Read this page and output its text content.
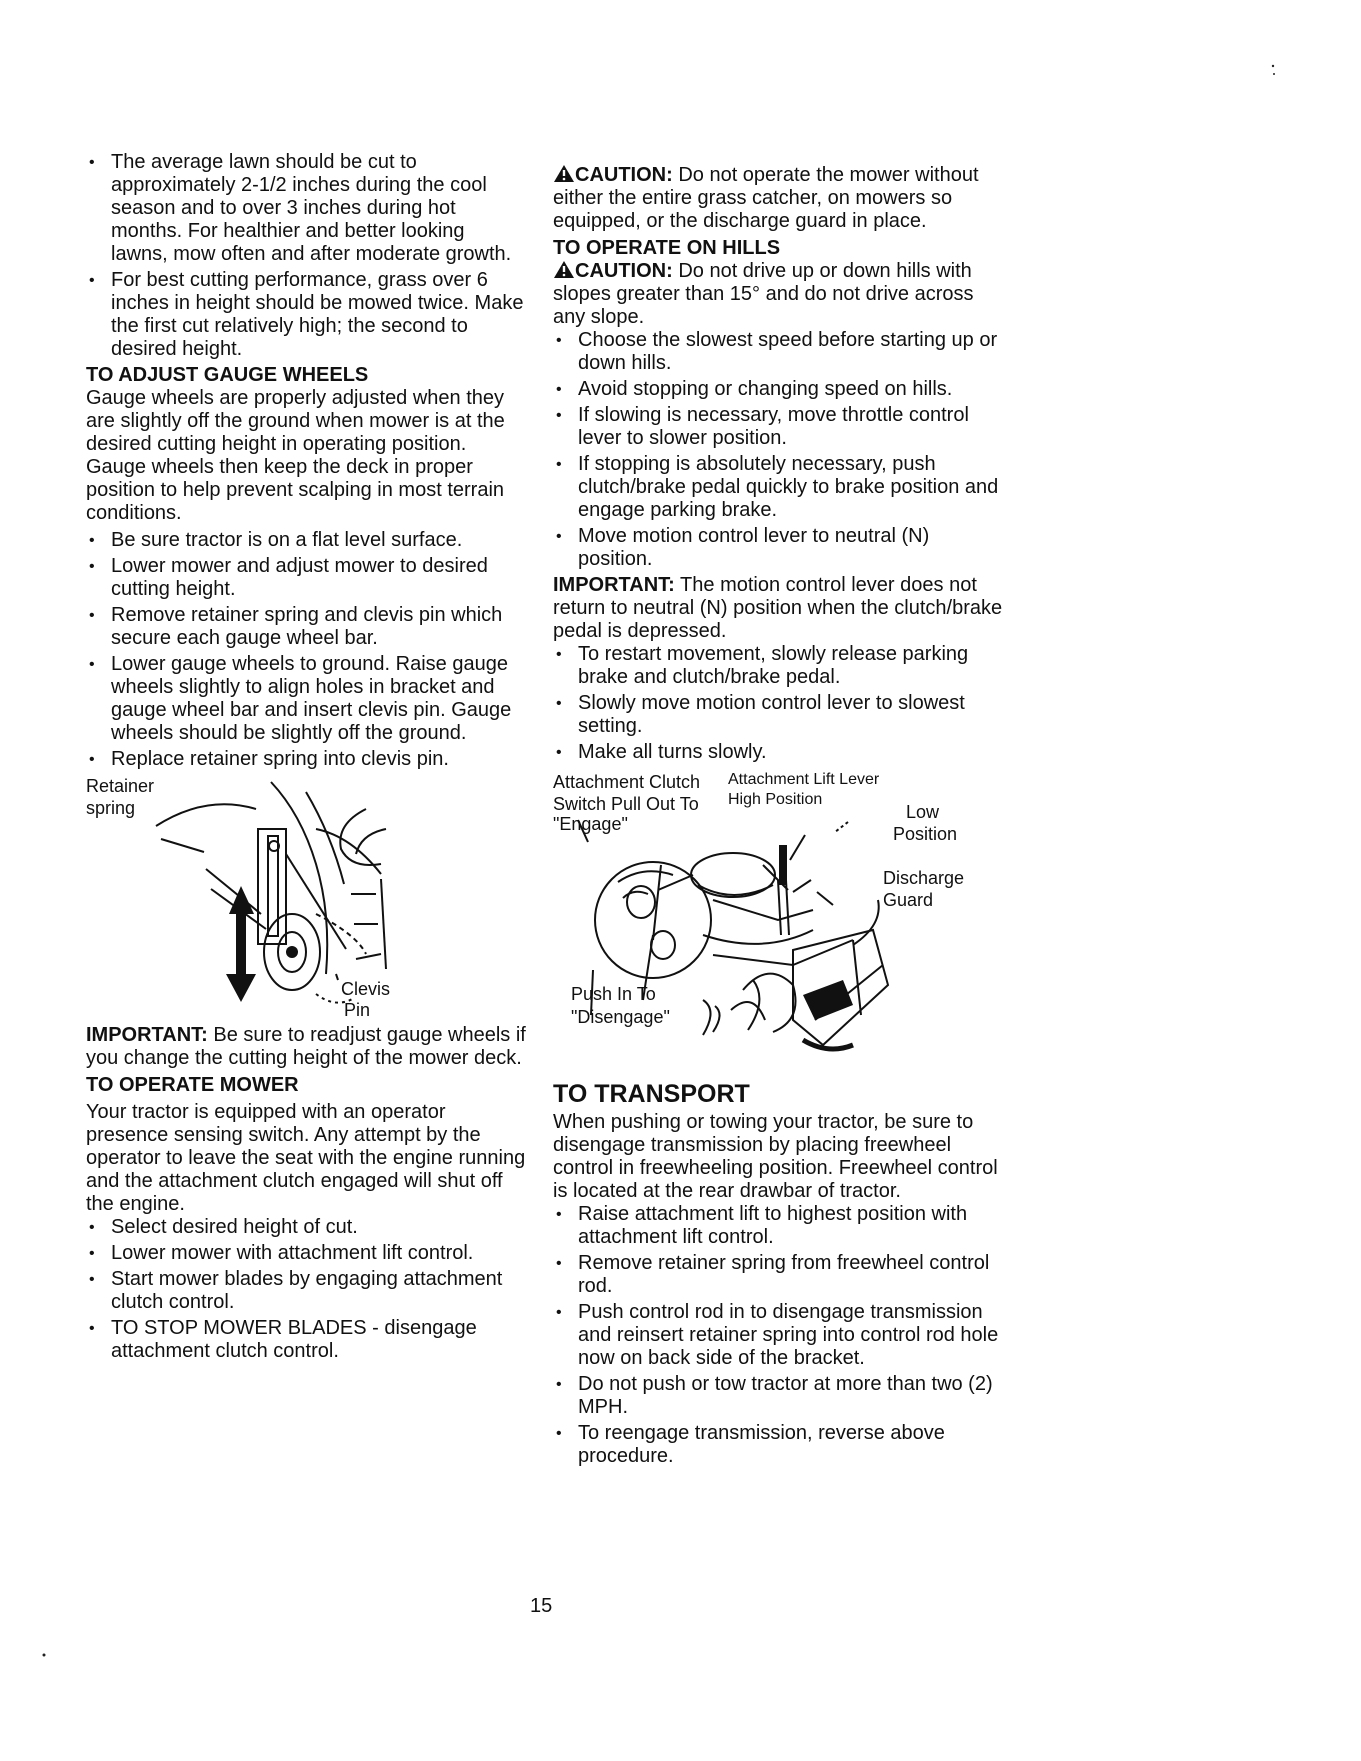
• The average lawn should be cut to approximately 2-1/2 inches during the cool season and to over 3 inches during hot months. For healthier and better looking lawns, mow often and after moderate growth.
• For best cutting performance, grass over 6 inches in height should be mowed twice. Make the first cut relatively high; the second to desired height.
TO ADJUST GAUGE WHEELS

Gauge wheels are properly adjusted when they are slightly off the ground when mower is at the desired cutting height in operating position. Gauge wheels then keep the deck in proper position to help prevent scalping in most terrain conditions.

• Be sure tractor is on a flat level surface.
• Lower mower and adjust mower to desired cutting height.
• Remove retainer spring and clevis pin which secure each gauge wheel bar.
• Lower gauge wheels to ground. Raise gauge wheels slightly to align holes in bracket and gauge wheel bar and insert clevis pin. Gauge wheels should be slightly off the ground.
• Replace retainer spring into clevis pin.
Retainer
spring
Clevis
Pin

IMPORTANT: Be sure to readjust gauge wheels if you change the cutting height of the mower deck.

TO OPERATE MOWER

Your tractor is equipped with an operator presence sensing switch. Any attempt by the operator to leave the seat with the engine running and the attachment clutch engaged will shut off the engine.

• Select desired height of cut.
• Lower mower with attachment lift control.
• Start mower blades by engaging attachment clutch control.
• TO STOP MOWER BLADES - disengage attachment clutch control.

CAUTION: Do not operate the mower without either the entire grass catcher, on mowers so equipped, or the discharge guard in place.

TO OPERATE ON HILLS

CAUTION: Do not drive up or down hills with slopes greater than 15° and do not drive across any slope.

• Choose the slowest speed before starting up or down hills.
• Avoid stopping or changing speed on hills.
• If slowing is necessary, move throttle control lever to slower position.
• If stopping is absolutely necessary, push clutch/brake pedal quickly to brake position and engage parking brake.
• Move motion control lever to neutral (N) position.

IMPORTANT: The motion control lever does not return to neutral (N) position when the clutch/brake pedal is depressed.

• To restart movement, slowly release parking brake and clutch/brake pedal.
• Slowly move motion control lever to slowest setting.
• Make all turns slowly.
Attachment Clutch
Switch Pull Out To
"Engage"
Attachment Lift Lever
High Position
Low
Position
Discharge
Guard
Push In To
"Disengage"
TO TRANSPORT

When pushing or towing your tractor, be sure to disengage transmission by placing freewheel control in freewheeling position. Freewheel control is located at the rear drawbar of tractor.

• Raise attachment lift to highest position with attachment lift control.
• Remove retainer spring from freewheel control rod.
• Push control rod in to disengage transmission and reinsert retainer spring into control rod hole now on back side of the bracket.
• Do not push or tow tractor at more than two (2) MPH.
• To reengage transmission, reverse above procedure.
15
